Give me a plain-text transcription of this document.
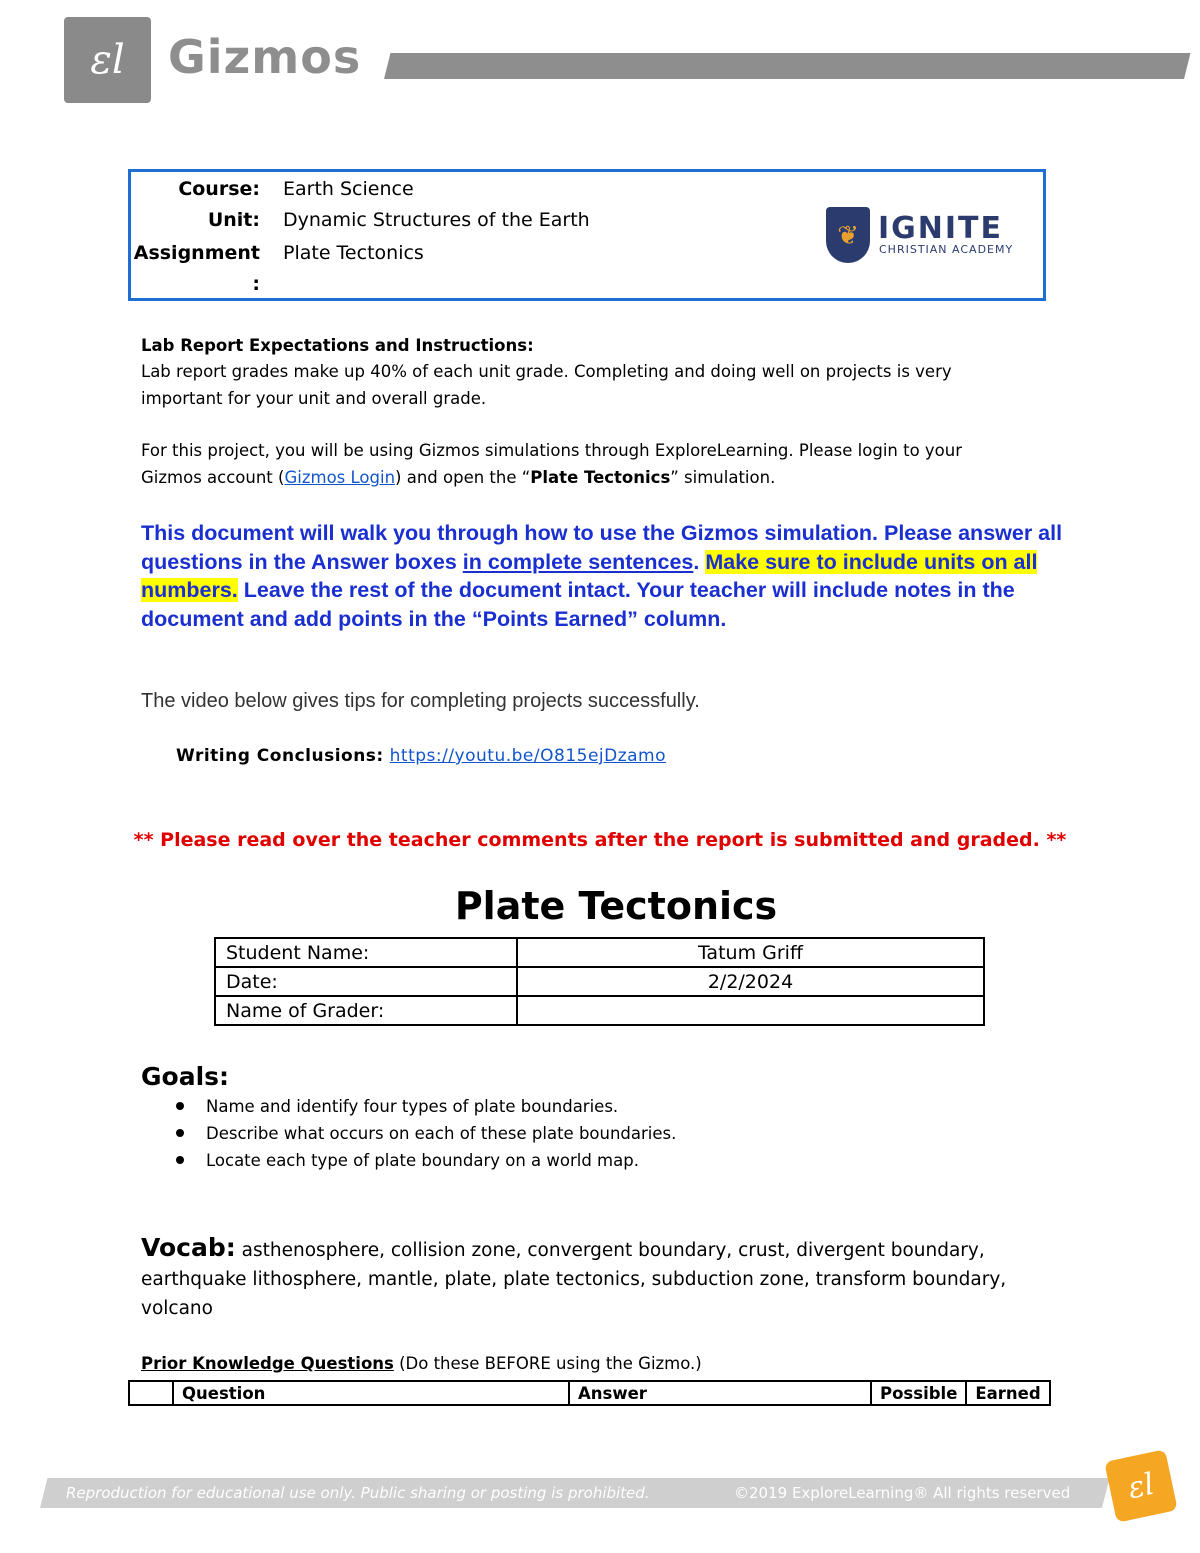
ɛl Gizmos
Course: Earth Science
Unit: Dynamic Structures of the Earth
Assignment
:
Plate Tectonics
❦ IGNITE
CHRISTIAN ACADEMY
Lab Report Expectations and Instructions:
Lab report grades make up 40% of each unit grade. Completing and doing well on projects is very
important for your unit and overall grade.
For this project, you will be using Gizmos simulations through ExploreLearning. Please login to your
Gizmos account (Gizmos Login) and open the “Plate Tectonics” simulation.
This document will walk you through how to use the Gizmos simulation. Please answer all questions in the Answer boxes in complete sentences. Make sure to include units on all numbers. Leave the rest of the document intact. Your teacher will include notes in the document and add points in the “Points Earned” column.
The video below gives tips for completing projects successfully.
Writing Conclusions: https://youtu.be/O815ejDzamo
** Please read over the teacher comments after the report is submitted and graded. **
Plate Tectonics
Student Name:	Tatum Griff
Date:	2/2/2024
Name of Grader:	
Goals:
Name and identify four types of plate boundaries.
Describe what occurs on each of these plate boundaries.
Locate each type of plate boundary on a world map.
Vocab: asthenosphere, collision zone, convergent boundary, crust, divergent boundary, earthquake lithosphere, mantle, plate, plate tectonics, subduction zone, transform boundary, volcano
Prior Knowledge Questions (Do these BEFORE using the Gizmo.)
	Question	Answer	Possible	Earned
Reproduction for educational use only. Public sharing or posting is prohibited.	©2019 ExploreLearning® All rights reserved ɛl
